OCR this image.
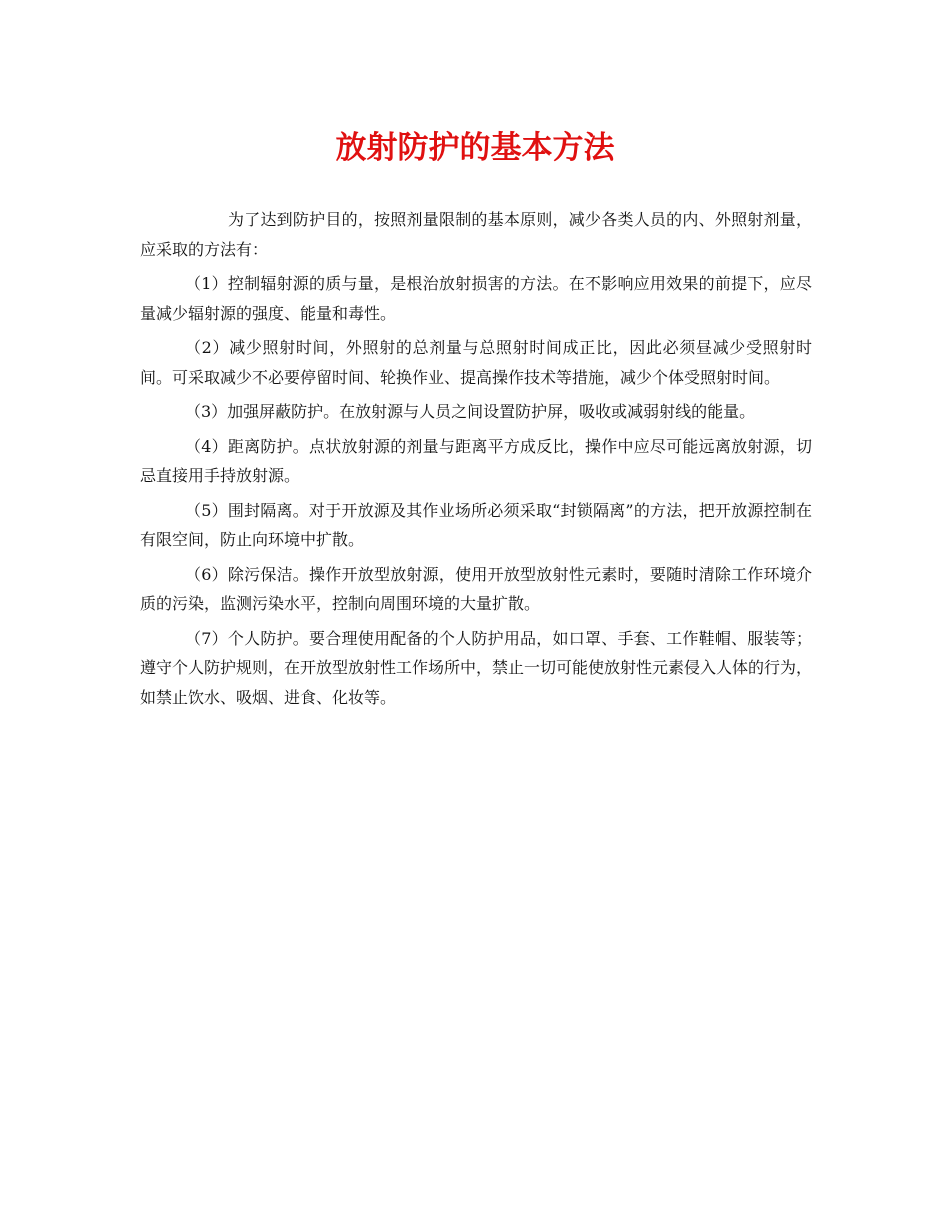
放射防护的基本方法

为了达到防护目的，按照剂量限制的基本原则，减少各类人员的内、外照射剂量，应采取的方法有：

（1）控制辐射源的质与量，是根治放射损害的方法。在不影响应用效果的前提下，应尽量减少辐射源的强度、能量和毒性。

（2）减少照射时间，外照射的总剂量与总照射时间成正比，因此必须昼减少受照射时间。可采取减少不必要停留时间、轮换作业、提高操作技术等措施，减少个体受照射时间。

（3）加强屏蔽防护。在放射源与人员之间设置防护屏，吸收或减弱射线的能量。

（4）距离防护。点状放射源的剂量与距离平方成反比，操作中应尽可能远离放射源，切忌直接用手持放射源。

（5）围封隔离。对于开放源及其作业场所必须采取“封锁隔离”的方法，把开放源控制在有限空间，防止向环境中扩散。

（6）除污保洁。操作开放型放射源，使用开放型放射性元素时，要随时清除工作环境介质的污染，监测污染水平，控制向周围环境的大量扩散。

（7）个人防护。要合理使用配备的个人防护用品，如口罩、手套、工作鞋帽、服装等；遵守个人防护规则，在开放型放射性工作场所中，禁止一切可能使放射性元素侵入人体的行为，如禁止饮水、吸烟、进食、化妆等。
